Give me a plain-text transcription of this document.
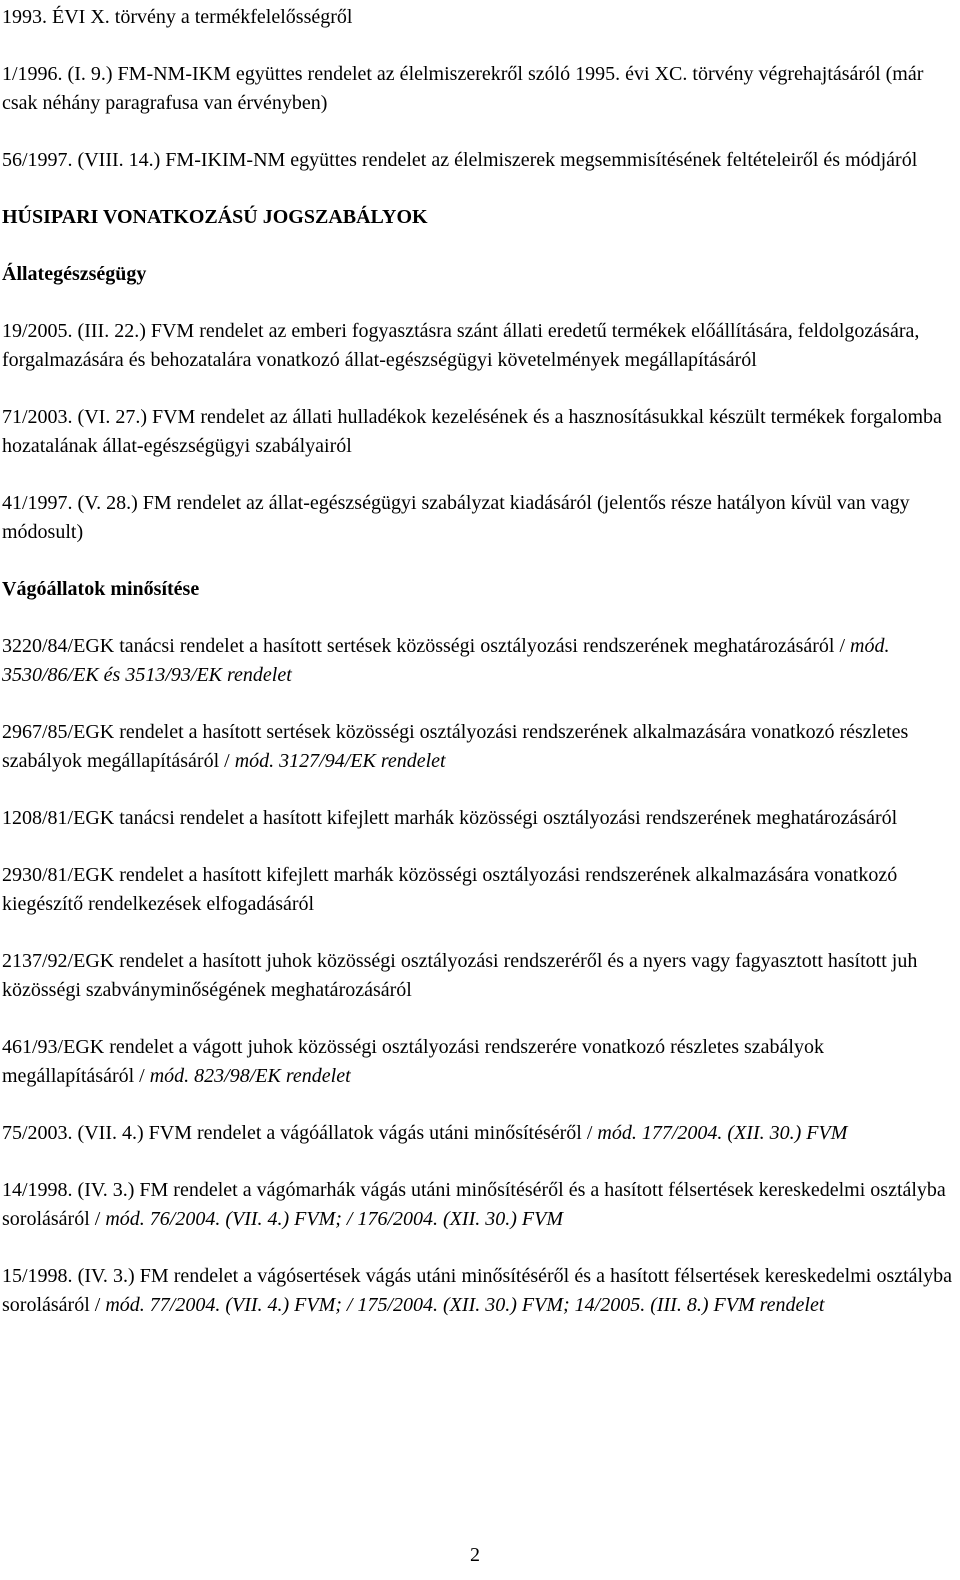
1993. ÉVI X. törvény a termékfelelősségről

1/1996. (I. 9.) FM-NM-IKM együttes rendelet az élelmiszerekről szóló 1995. évi XC. törvény végrehajtásáról (már csak néhány paragrafusa van érvényben)

56/1997. (VIII. 14.) FM-IKIM-NM együttes rendelet az élelmiszerek megsemmisítésének feltételeiről és módjáról

HÚSIPARI VONATKOZÁSÚ JOGSZABÁLYOK

Állategészségügy

19/2005. (III. 22.) FVM rendelet az emberi fogyasztásra szánt állati eredetű termékek előállítására, feldolgozására, forgalmazására és behozatalára vonatkozó állat-egészségügyi követelmények megállapításáról

71/2003. (VI. 27.) FVM rendelet az állati hulladékok kezelésének és a hasznosításukkal készült termékek forgalomba hozatalának állat-egészségügyi szabályairól

41/1997. (V. 28.) FM rendelet az állat-egészségügyi szabályzat kiadásáról (jelentős része hatályon kívül van vagy módosult)

Vágóállatok minősítése

3220/84/EGK tanácsi rendelet a hasított sertések közösségi osztályozási rendszerének meghatározásáról / mód. 3530/86/EK és 3513/93/EK rendelet

2967/85/EGK rendelet a hasított sertések közösségi osztályozási rendszerének alkalmazására vonatkozó részletes szabályok megállapításáról / mód. 3127/94/EK rendelet

1208/81/EGK tanácsi rendelet a hasított kifejlett marhák közösségi osztályozási rendszerének meghatározásáról

2930/81/EGK rendelet a hasított kifejlett marhák közösségi osztályozási rendszerének alkalmazására vonatkozó kiegészítő rendelkezések elfogadásáról

2137/92/EGK rendelet a hasított juhok közösségi osztályozási rendszeréről és a nyers vagy fagyasztott hasított juh közösségi szabványminőségének meghatározásáról

461/93/EGK rendelet a vágott juhok közösségi osztályozási rendszerére vonatkozó részletes szabályok megállapításáról / mód. 823/98/EK rendelet

75/2003. (VII. 4.) FVM rendelet a vágóállatok vágás utáni minősítéséről / mód. 177/2004. (XII. 30.) FVM

14/1998. (IV. 3.) FM rendelet a vágómarhák vágás utáni minősítéséről és a hasított félsertések kereskedelmi osztályba sorolásáról / mód. 76/2004. (VII. 4.) FVM; / 176/2004. (XII. 30.) FVM

15/1998. (IV. 3.) FM rendelet a vágósertések vágás utáni minősítéséről és a hasított félsertések kereskedelmi osztályba sorolásáról / mód. 77/2004. (VII. 4.) FVM; / 175/2004. (XII. 30.) FVM; 14/2005. (III. 8.) FVM rendelet

2
